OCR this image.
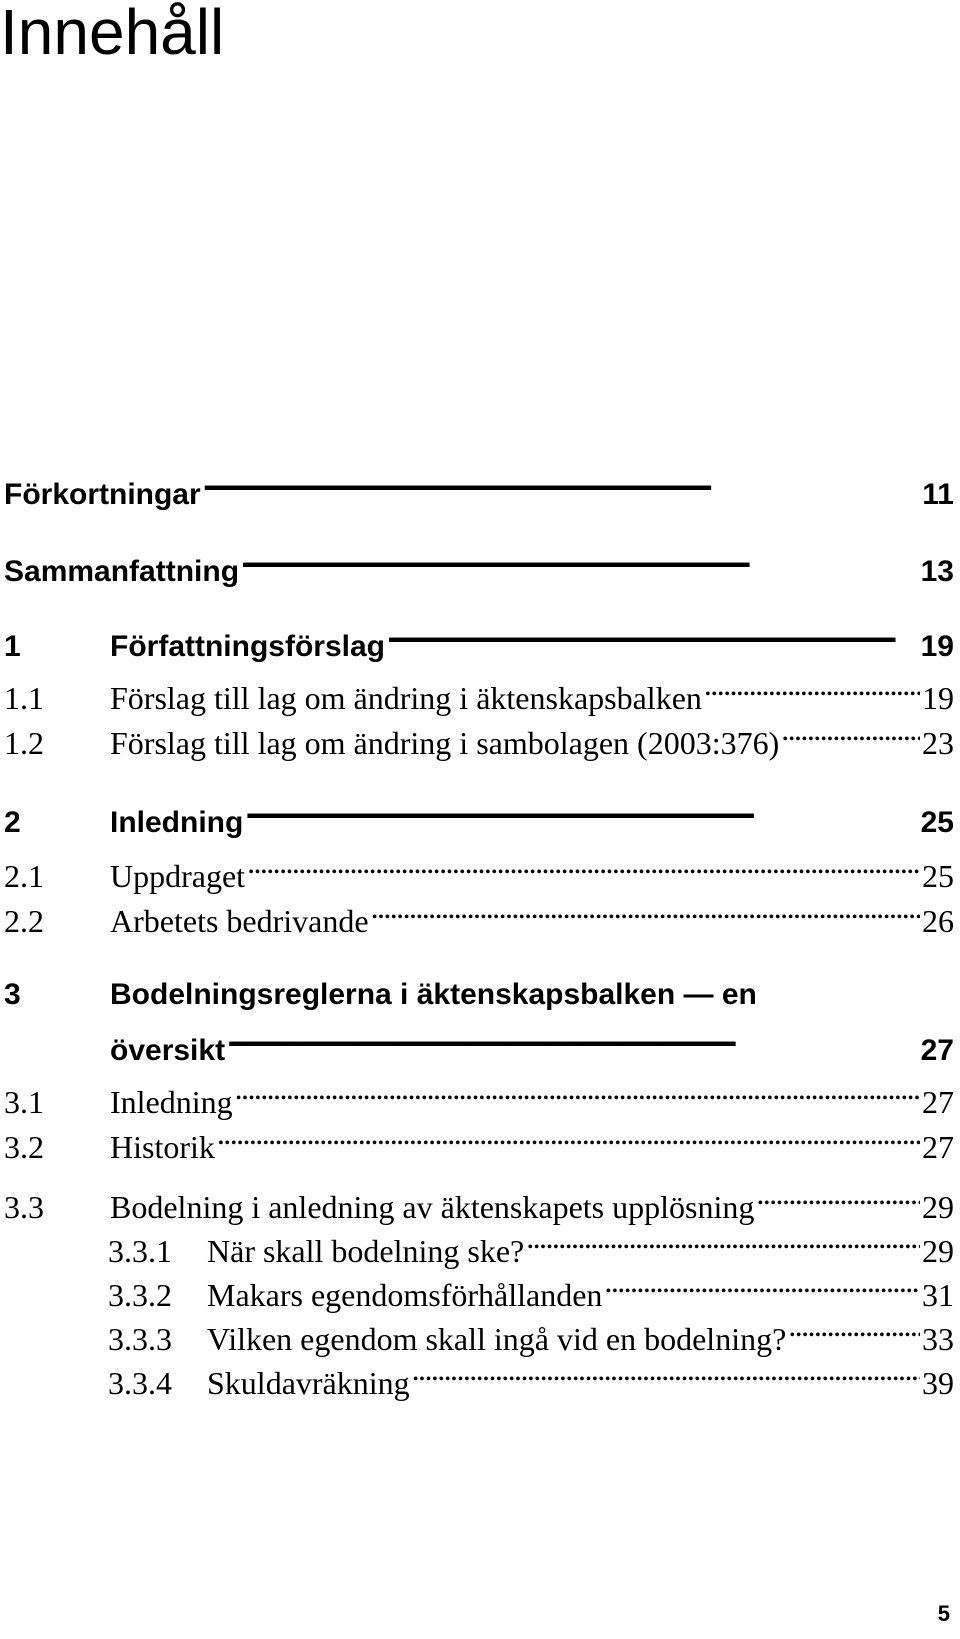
Innehåll
Förkortningar . . .	11
Sammanfattning . . .	13
1	Författningsförslag . . .	19
1.1	Förslag till lag om ändring i äktenskapsbalken . . .	19
1.2	Förslag till lag om ändring i sambolagen (2003:376) . . .	23
2	Inledning . . .	25
2.1	Uppdraget . . .	25
2.2	Arbetets bedrivande . . .	26
3	Bodelningsreglerna i äktenskapsbalken — en
översikt . . .	27
3.1	Inledning . . .	27
3.2	Historik . . .	27
3.3	Bodelning i anledning av äktenskapets upplösning . . .	29
3.3.1	När skall bodelning ske? . . .	29
3.3.2	Makars egendomsförhållanden . . .	31
3.3.3	Vilken egendom skall ingå vid en bodelning? . . .	33
3.3.4	Skuldavräkning . . .	39
5
